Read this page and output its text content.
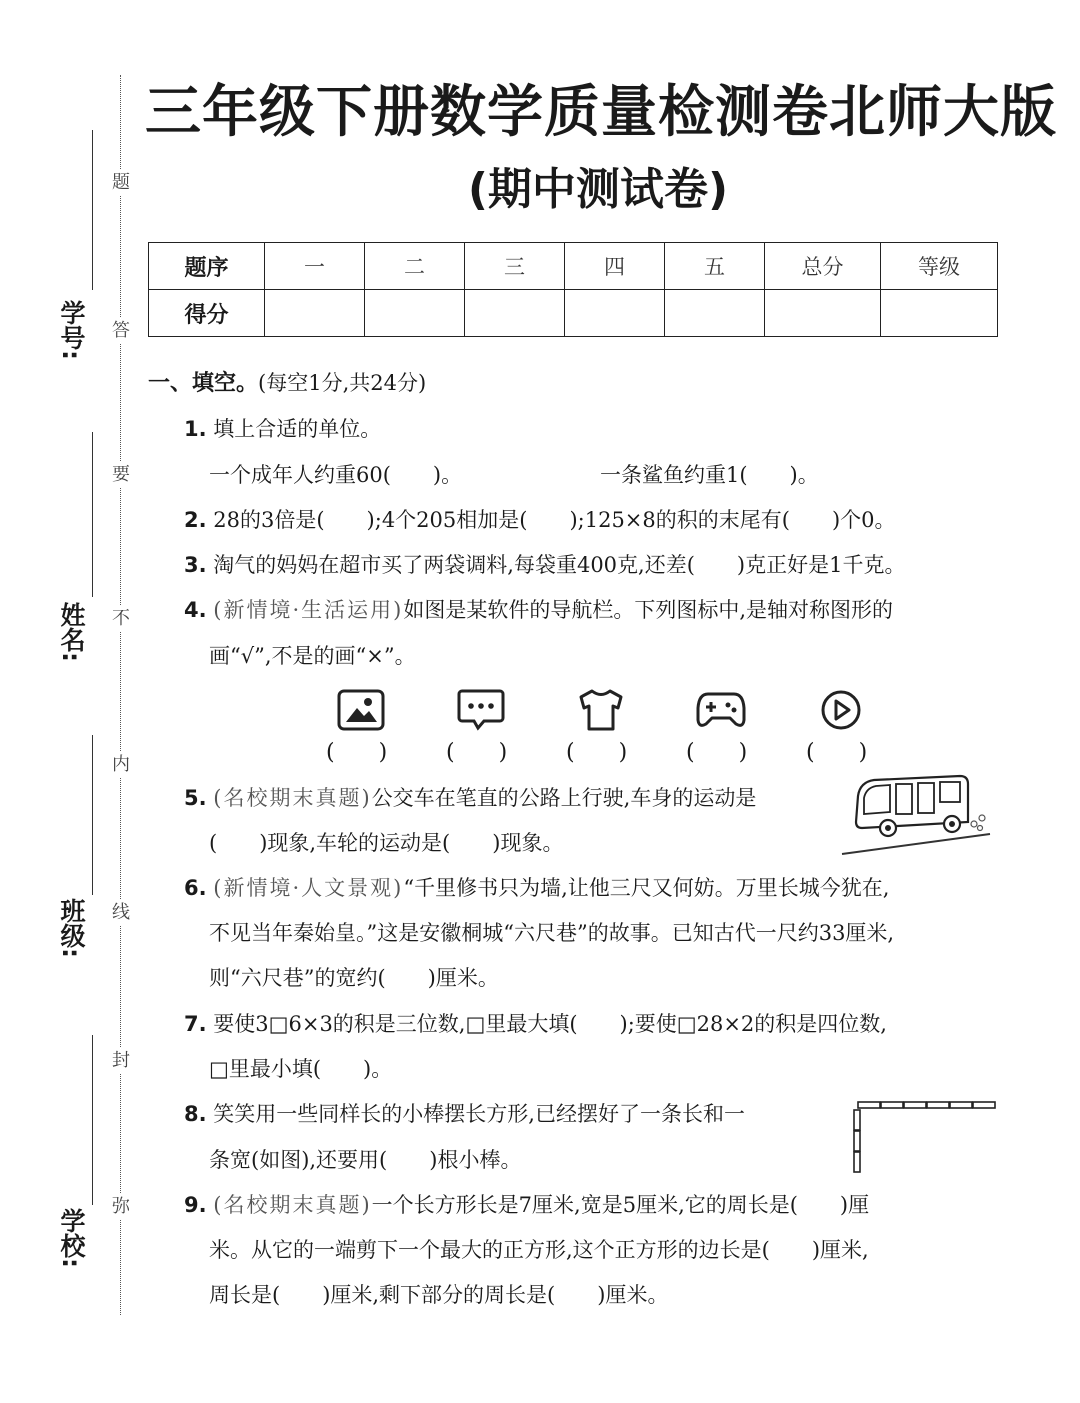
题
答
要
不
内
线
封
弥
学号:
姓名:
班级:
学校:
三年级下册数学质量检测卷北师大版
(期中测试卷)
题序	一	二	三	四	五	总分	等级
得分							
一、填空。(每空1分,共24分)
1. 填上合适的单位。
一个成年人约重60(　　)。	一条鲨鱼约重1(　　)。
2. 28的3倍是(　　);4个205相加是(　　);125×8的积的末尾有(　　)个0。
3. 淘气的妈妈在超市买了两袋调料,每袋重400克,还差(　　)克正好是1千克。
4. (新情境·生活运用)如图是某软件的导航栏。下列图标中,是轴对称图形的
画“√”,不是的画“×”。
(　　)	(　　)	(　　)	(　　)	(　　)
5. (名校期末真题)公交车在笔直的公路上行驶,车身的运动是
(　　)现象,车轮的运动是(　　)现象。
6. (新情境·人文景观)“千里修书只为墙,让他三尺又何妨。万里长城今犹在,
不见当年秦始皇。”这是安徽桐城“六尺巷”的故事。已知古代一尺约33厘米,
则“六尺巷”的宽约(　　)厘米。
7. 要使3□6×3的积是三位数,□里最大填(　　);要使□28×2的积是四位数,
□里最小填(　　)。
8. 笑笑用一些同样长的小棒摆长方形,已经摆好了一条长和一
条宽(如图),还要用(　　)根小棒。
9. (名校期末真题)一个长方形长是7厘米,宽是5厘米,它的周长是(　　)厘
米。从它的一端剪下一个最大的正方形,这个正方形的边长是(　　)厘米,
周长是(　　)厘米,剩下部分的周长是(　　)厘米。
